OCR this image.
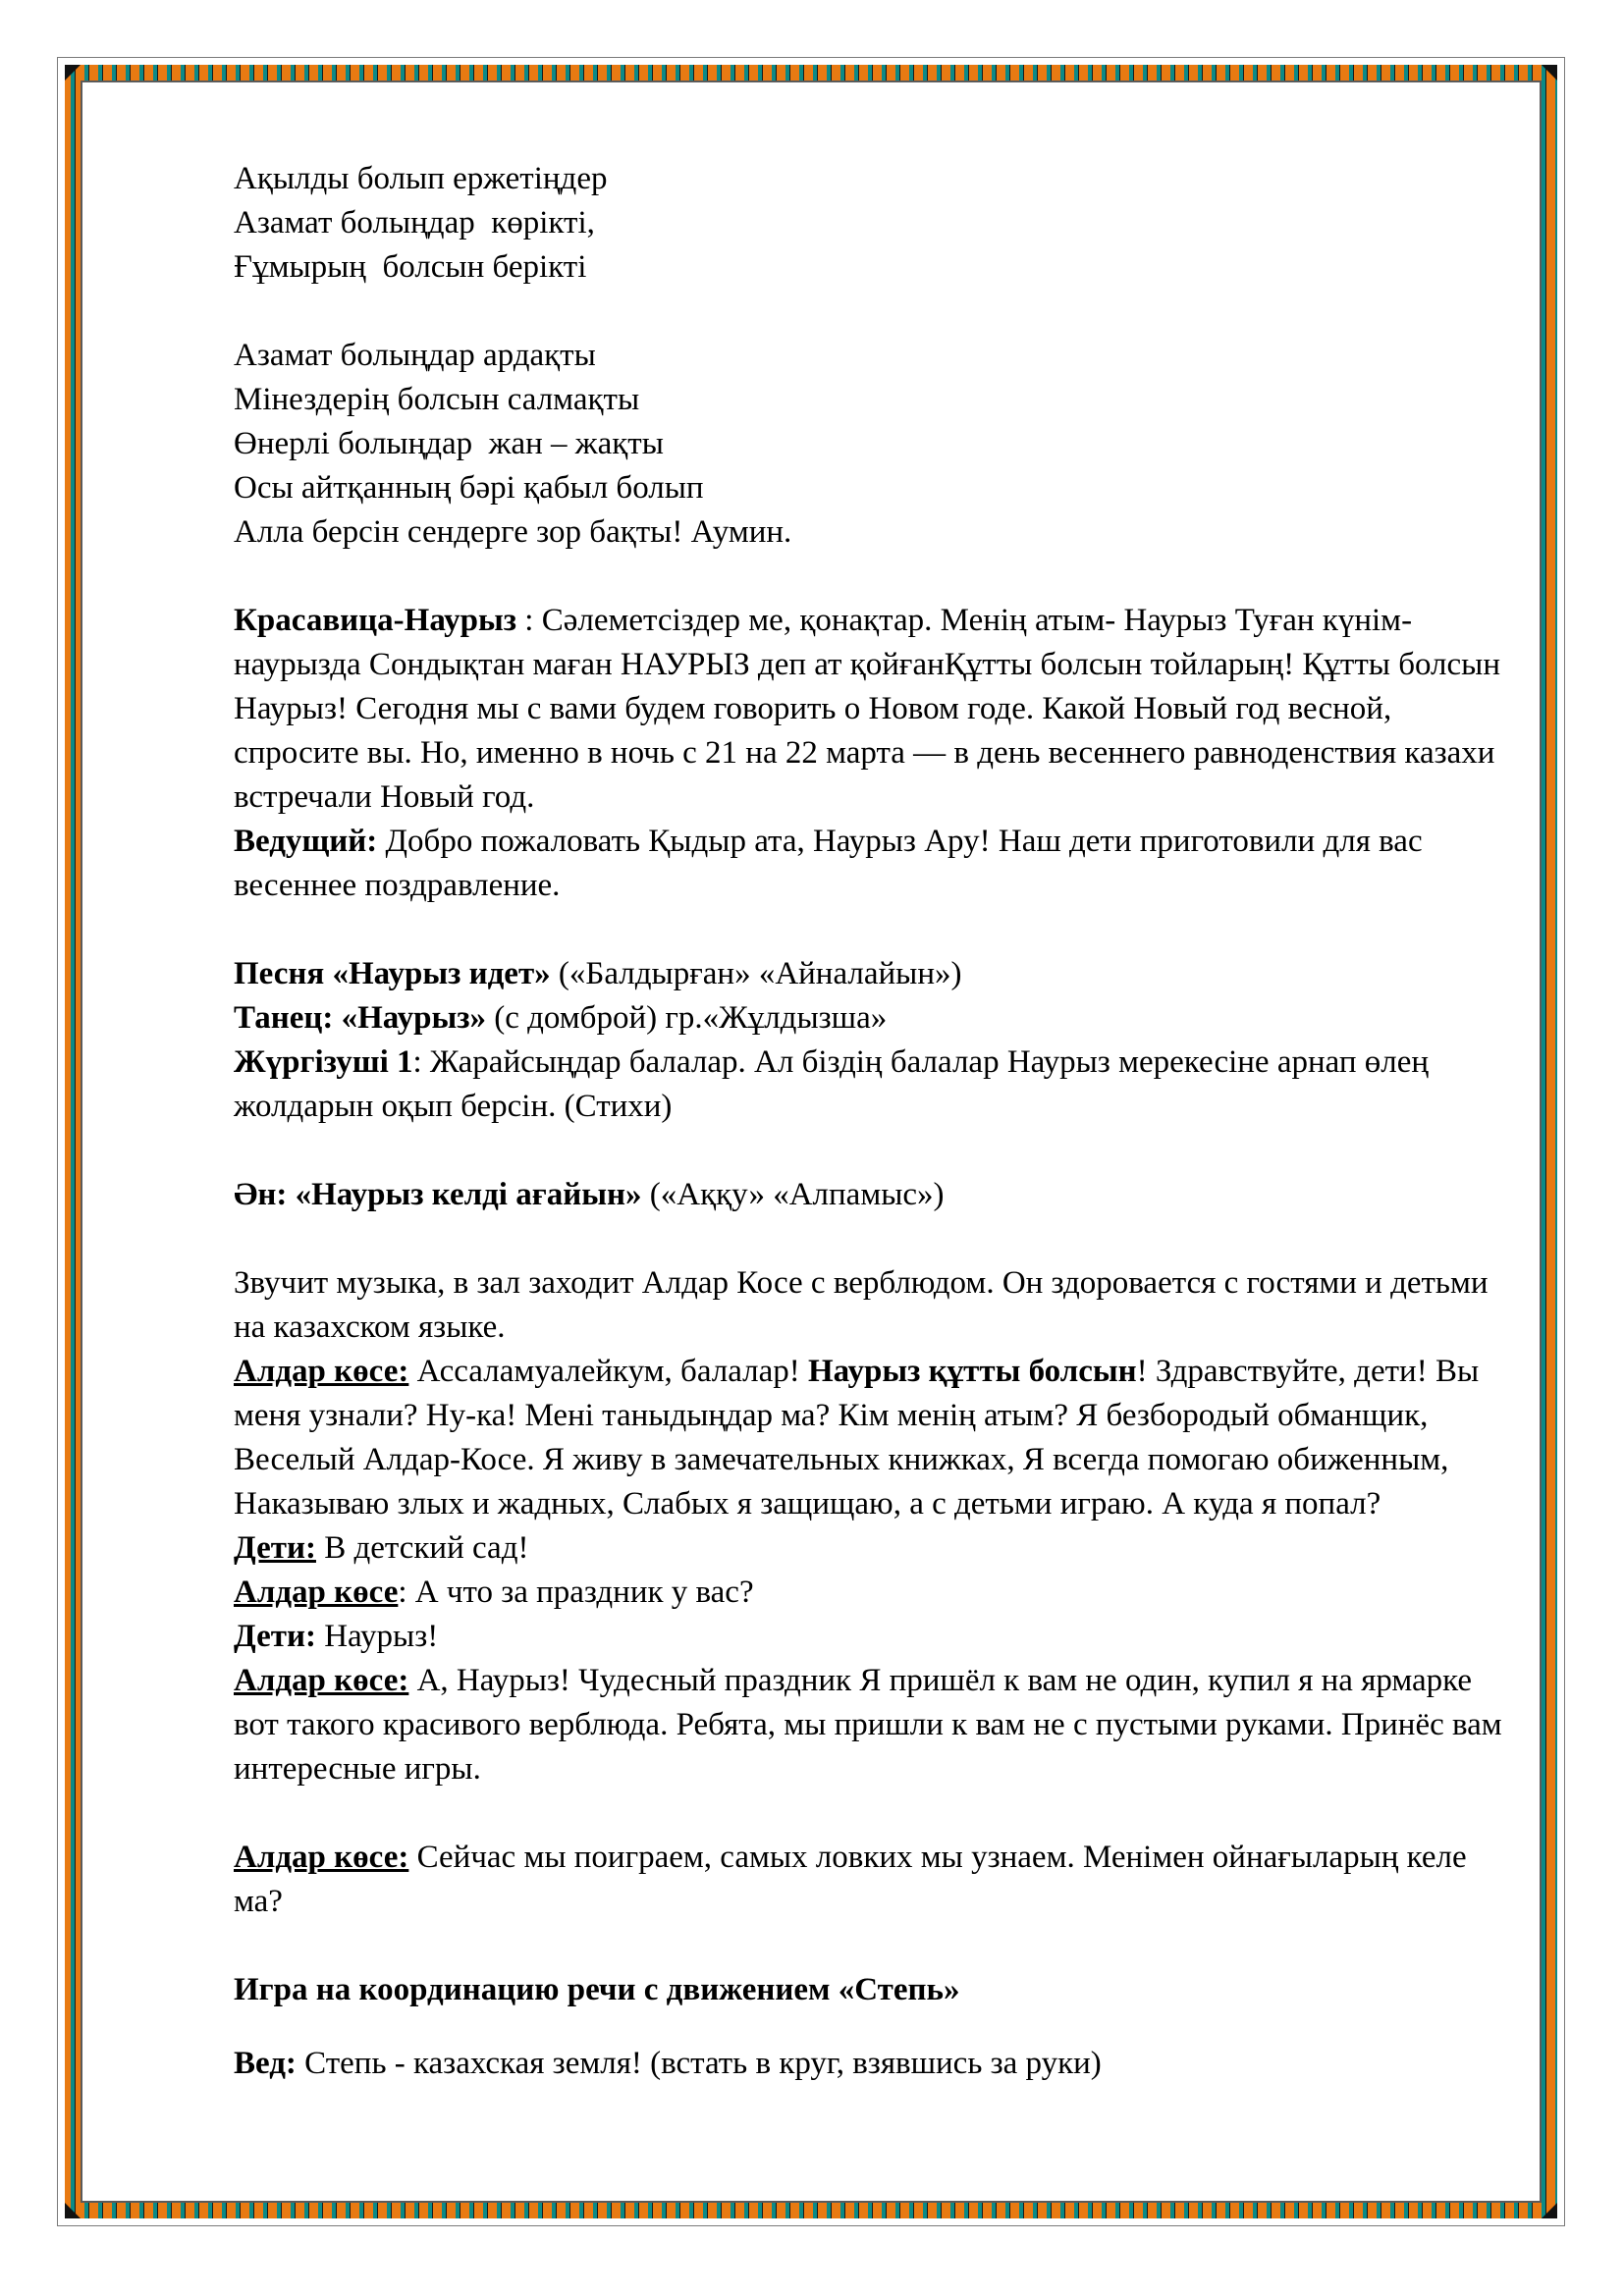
Ақылды болып ержетіңдер
Азамат болыңдар  көрікті,
Ғұмырың  болсын берікті
Азамат болыңдар ардақты
Мінездерің болсын салмақты
Өнерлі болыңдар  жан – жақты
Осы айтқанның бәрі қабыл болып
Алла берсін сендерге зор бақты! Аумин.
Красавица-Наурыз : Сәлеметсіздер ме, қонақтар. Менің атым- Наурыз Туған күнім-наурызда Сондықтан маған НАУРЫЗ деп ат қойғанҚұтты болсын тойларың! Құтты болсын Наурыз! Сегодня мы с вами будем говорить о Новом годе. Какой Новый год весной, спросите вы. Но, именно в ночь с 21 на 22 марта — в день весеннего равноденствия казахи встречали Новый год.
Ведущий: Добро пожаловать Қыдыр ата, Наурыз Ару! Наш дети приготовили для вас весеннее поздравление.
Песня «Наурыз идет» («Балдырған» «Айналайын»)
Танец: «Наурыз» (с домброй) гр.«Жұлдызша»
Жүргізуші 1: Жарайсыңдар балалар. Ал біздің балалар Наурыз мерекесіне арнап өлең жолдарын оқып берсін. (Стихи)
Ән: «Наурыз келді ағайын» («Аққу» «Алпамыс»)
Звучит музыка, в зал заходит Алдар Косе с верблюдом. Он здоровается с гостями и детьми на казахском языке.
Алдар көсе: Ассаламуалейкум, балалар! Наурыз құтты болсын! Здравствуйте, дети! Вы меня узнали? Ну-ка! Мені таныдыңдар ма? Кім менің атым? Я безбородый обманщик, Веселый Алдар-Косе. Я живу в замечательных книжках, Я всегда помогаю обиженным, Наказываю злых и жадных, Слабых я защищаю, а с детьми играю. А куда я попал?
Дети: В детский сад!
Алдар көсе: А что за праздник у вас?
Дети: Наурыз!
Алдар көсе: А, Наурыз! Чудесный праздник Я пришёл к вам не один, купил я на ярмарке вот такого красивого верблюда. Ребята, мы пришли к вам не с пустыми руками. Принёс вам интересные игры.
Алдар көсе: Сейчас мы поиграем, самых ловких мы узнаем. Менімен ойнағыларың келе ма?
Игра на координацию речи с движением «Степь»
Вед: Степь - казахская земля! (встать в круг, взявшись за руки)
